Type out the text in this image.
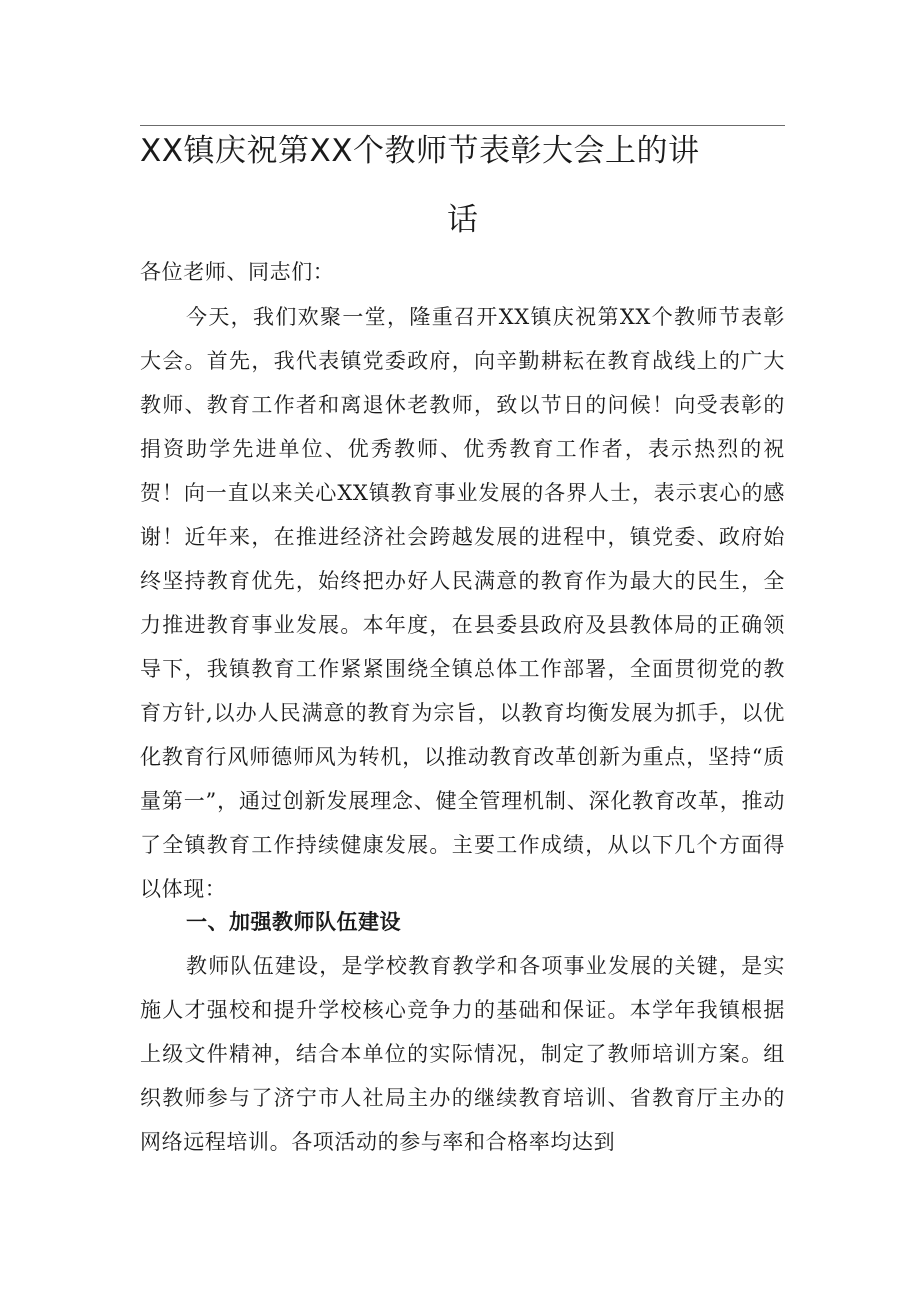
XX镇庆祝第XX个教师节表彰大会上的讲
话

各位老师、同志们：

今天，我们欢聚一堂，隆重召开XX镇庆祝第XX个教师节表彰大会。首先，我代表镇党委政府，向辛勤耕耘在教育战线上的广大教师、教育工作者和离退休老教师，致以节日的问候！向受表彰的捐资助学先进单位、优秀教师、优秀教育工作者，表示热烈的祝贺！向一直以来关心XX镇教育事业发展的各界人士，表示衷心的感谢！近年来，在推进经济社会跨越发展的进程中，镇党委、政府始终坚持教育优先，始终把办好人民满意的教育作为最大的民生，全力推进教育事业发展。本年度，在县委县政府及县教体局的正确领导下，我镇教育工作紧紧围绕全镇总体工作部署，全面贯彻党的教育方针,以办人民满意的教育为宗旨，以教育均衡发展为抓手，以优化教育行风师德师风为转机，以推动教育改革创新为重点，坚持“质量第一”，通过创新发展理念、健全管理机制、深化教育改革，推动了全镇教育工作持续健康发展。主要工作成绩，从以下几个方面得以体现：

一、加强教师队伍建设

教师队伍建设，是学校教育教学和各项事业发展的关键，是实施人才强校和提升学校核心竞争力的基础和保证。本学年我镇根据上级文件精神，结合本单位的实际情况，制定了教师培训方案。组织教师参与了济宁市人社局主办的继续教育培训、省教育厅主办的网络远程培训。各项活动的参与率和合格率均达到
